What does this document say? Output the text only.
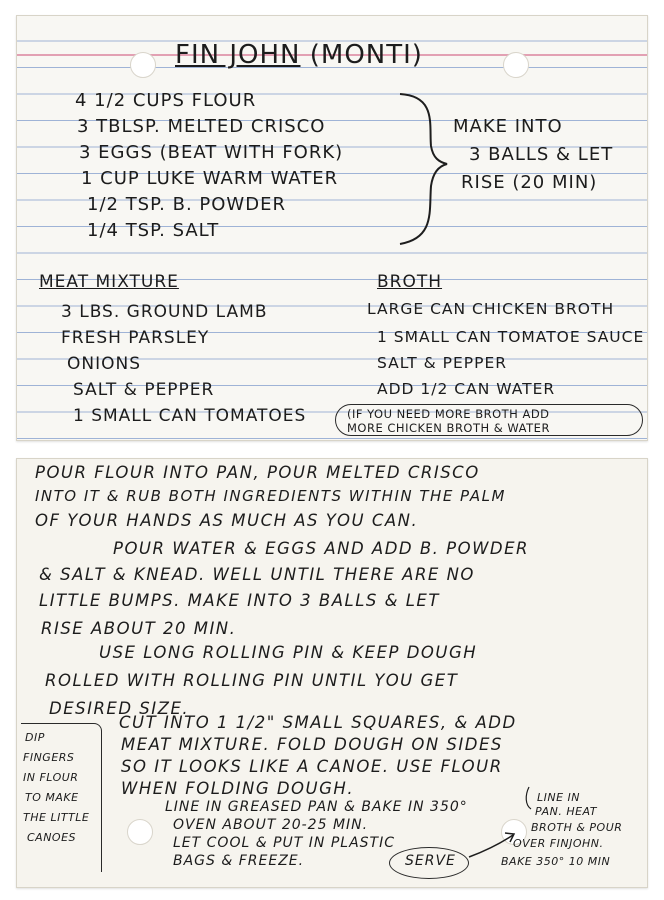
FIN JOHN (MONTI)
4 1/2 CUPS FLOUR
3 TBLSP. MELTED CRISCO
3 EGGS (BEAT WITH FORK)
1 CUP LUKE WARM WATER
1/2 TSP. B. POWDER
1/4 TSP. SALT
MAKE INTO
3 BALLS & LET
RISE (20 MIN)
MEAT MIXTURE
3 LBS. GROUND LAMB
FRESH PARSLEY
ONIONS
SALT & PEPPER
1 SMALL CAN TOMATOES
BROTH
LARGE CAN CHICKEN BROTH
1 SMALL CAN TOMATOE SAUCE
SALT & PEPPER
ADD 1/2 CAN WATER
(IF YOU NEED MORE BROTH ADD
MORE CHICKEN BROTH & WATER
POUR FLOUR INTO PAN, POUR MELTED CRISCO
INTO IT & RUB BOTH INGREDIENTS WITHIN THE PALM
OF YOUR HANDS AS MUCH AS YOU CAN.
POUR WATER & EGGS AND ADD B. POWDER
& SALT & KNEAD. WELL UNTIL THERE ARE NO
LITTLE BUMPS. MAKE INTO 3 BALLS & LET
RISE ABOUT 20 MIN.
USE LONG ROLLING PIN & KEEP DOUGH
ROLLED WITH ROLLING PIN UNTIL YOU GET
DESIRED SIZE.
CUT INTO 1 1/2" SMALL SQUARES, & ADD
MEAT MIXTURE. FOLD DOUGH ON SIDES
SO IT LOOKS LIKE A CANOE. USE FLOUR
WHEN FOLDING DOUGH.
LINE IN GREASED PAN & BAKE IN 350°
OVEN ABOUT 20-25 MIN.
LET COOL & PUT IN PLASTIC
BAGS & FREEZE.
DIP
FINGERS
IN FLOUR
TO MAKE
THE LITTLE
CANOES
SERVE
LINE IN
PAN. HEAT
BROTH & POUR
OVER FINJOHN.
BAKE 350° 10 MIN
